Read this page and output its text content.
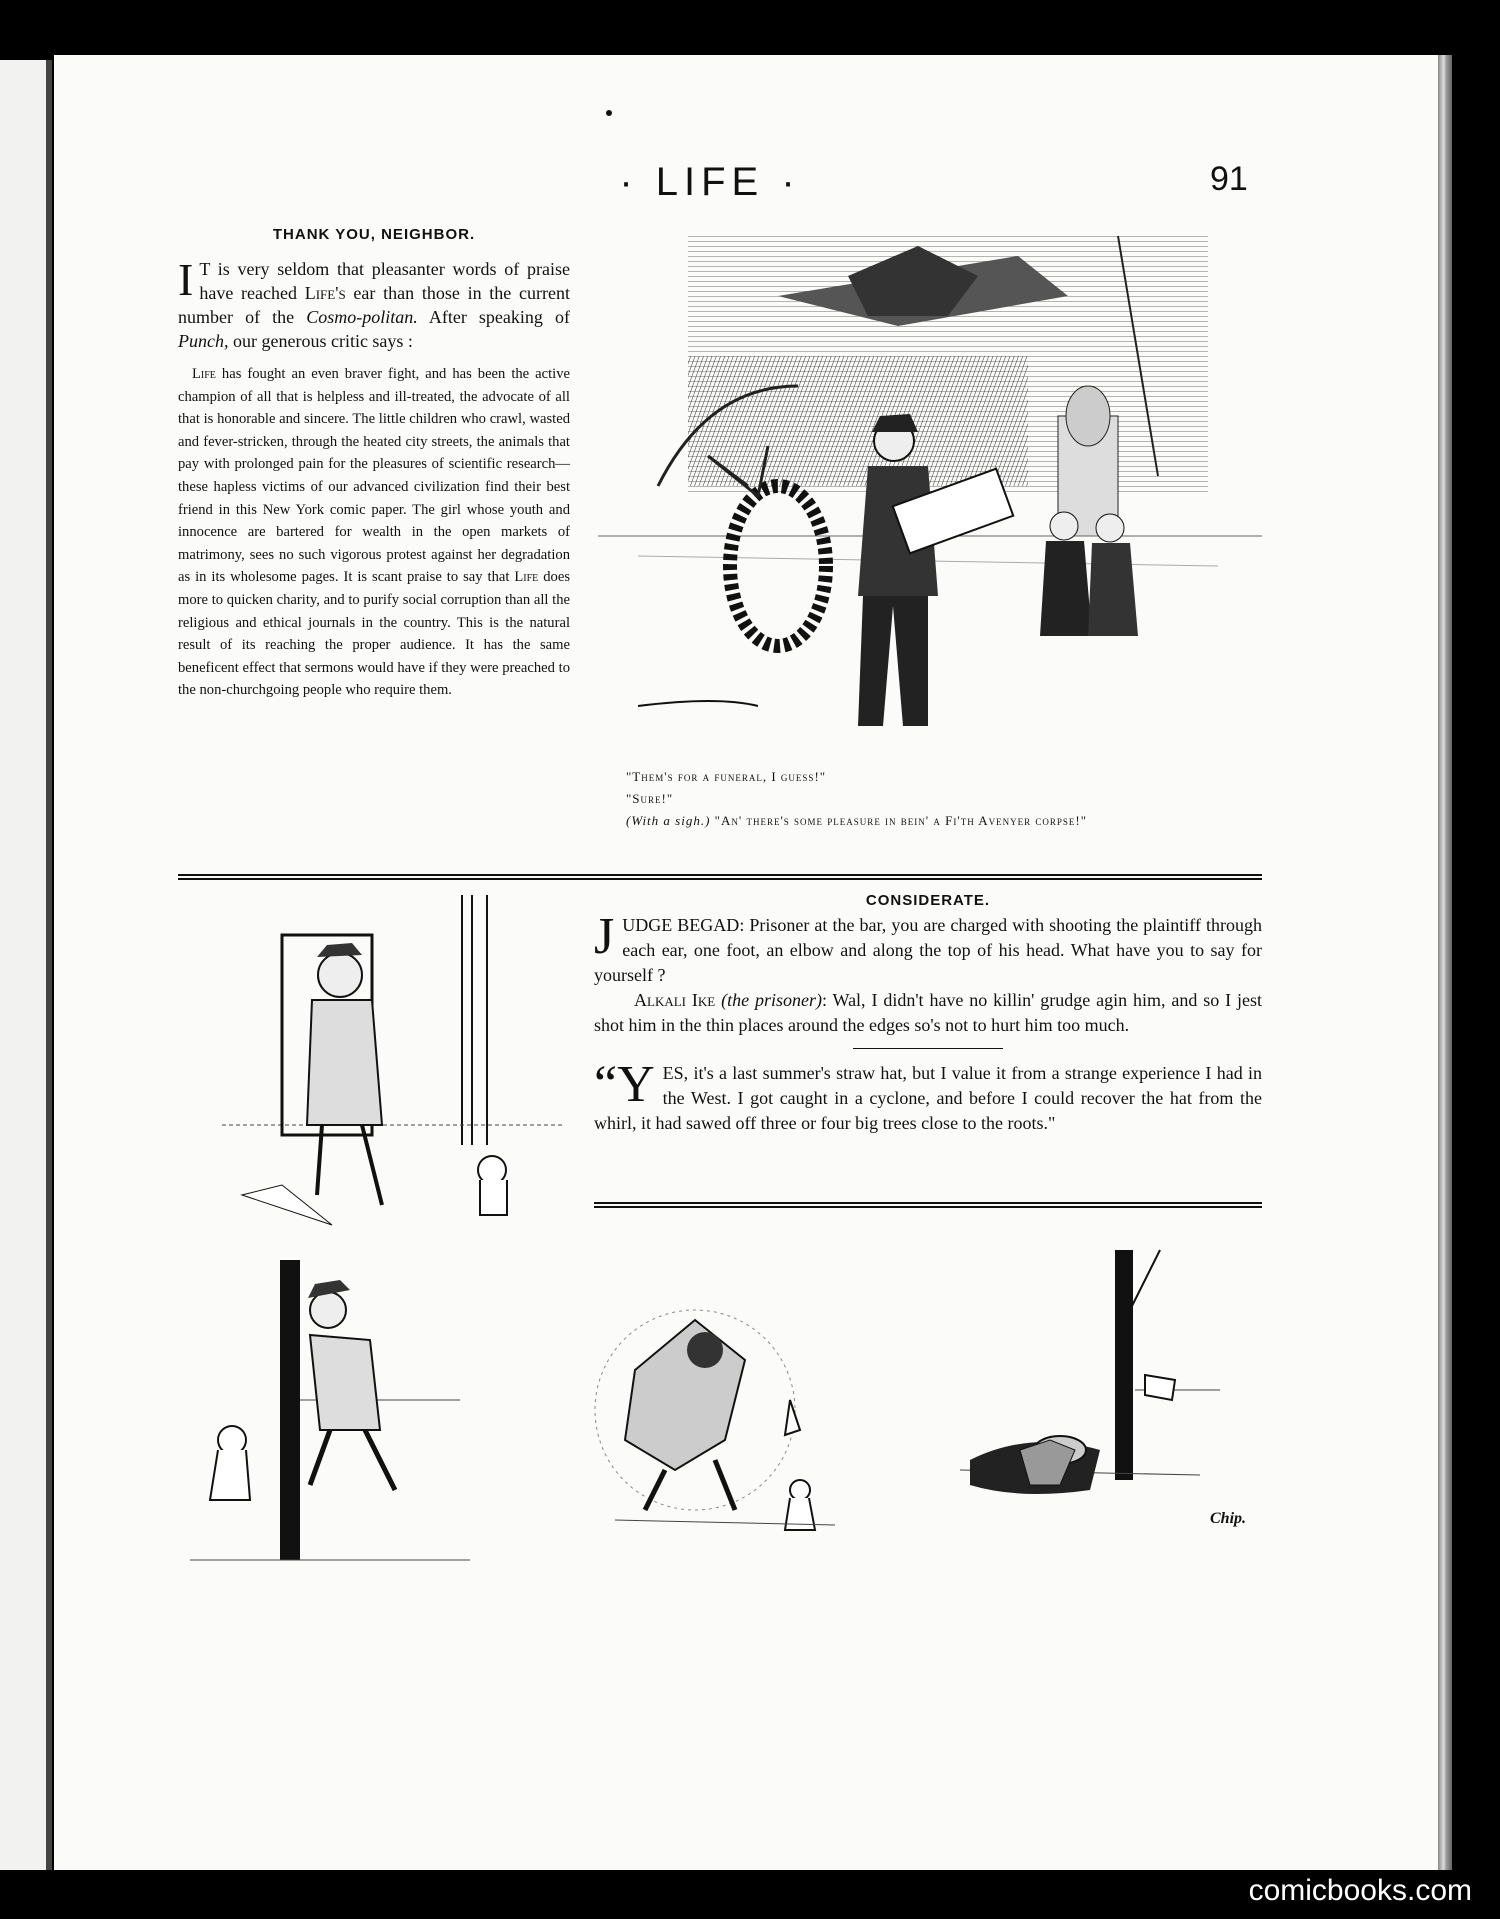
· LIFE ·	91
THANK YOU, NEIGHBOR.
I T is very seldom that pleasanter words of praise have reached Life's ear than those in the current number of the Cosmo-politan. After speaking of Punch, our generous critic says :
Life has fought an even braver fight, and has been the active champion of all that is helpless and ill-treated, the advocate of all that is honorable and sincere. The little children who crawl, wasted and fever-stricken, through the heated city streets, the animals that pay with prolonged pain for the pleasures of scientific research—these hapless victims of our advanced civilization find their best friend in this New York comic paper. The girl whose youth and innocence are bartered for wealth in the open markets of matrimony, sees no such vigorous protest against her degradation as in its wholesome pages. It is scant praise to say that Life does more to quicken charity, and to purify social corruption than all the religious and ethical journals in the country. This is the natural result of its reaching the proper audience. It has the same beneficent effect that sermons would have if they were preached to the non-churchgoing people who require them.
"Them's for a funeral, I guess!"
"Sure!"
(With a sigh.) "An' there's some pleasure in bein' a Fi'th Avenyer corpse!"
CONSIDERATE.

JUDGE BEGAD: Prisoner at the bar, you are charged with shooting the plaintiff through each ear, one foot, an elbow and along the top of his head. What have you to say for yourself ?

Alkali Ike (the prisoner): Wal, I didn't have no killin' grudge agin him, and so I jest shot him in the thin places around the edges so's not to hurt him too much.

“Y ES, it's a last summer's straw hat, but I value it from a strange experience I had in the West. I got caught in a cyclone, and before I could recover the hat from the whirl, it had sawed off three or four big trees close to the roots."

Chip.
comicbooks.com
